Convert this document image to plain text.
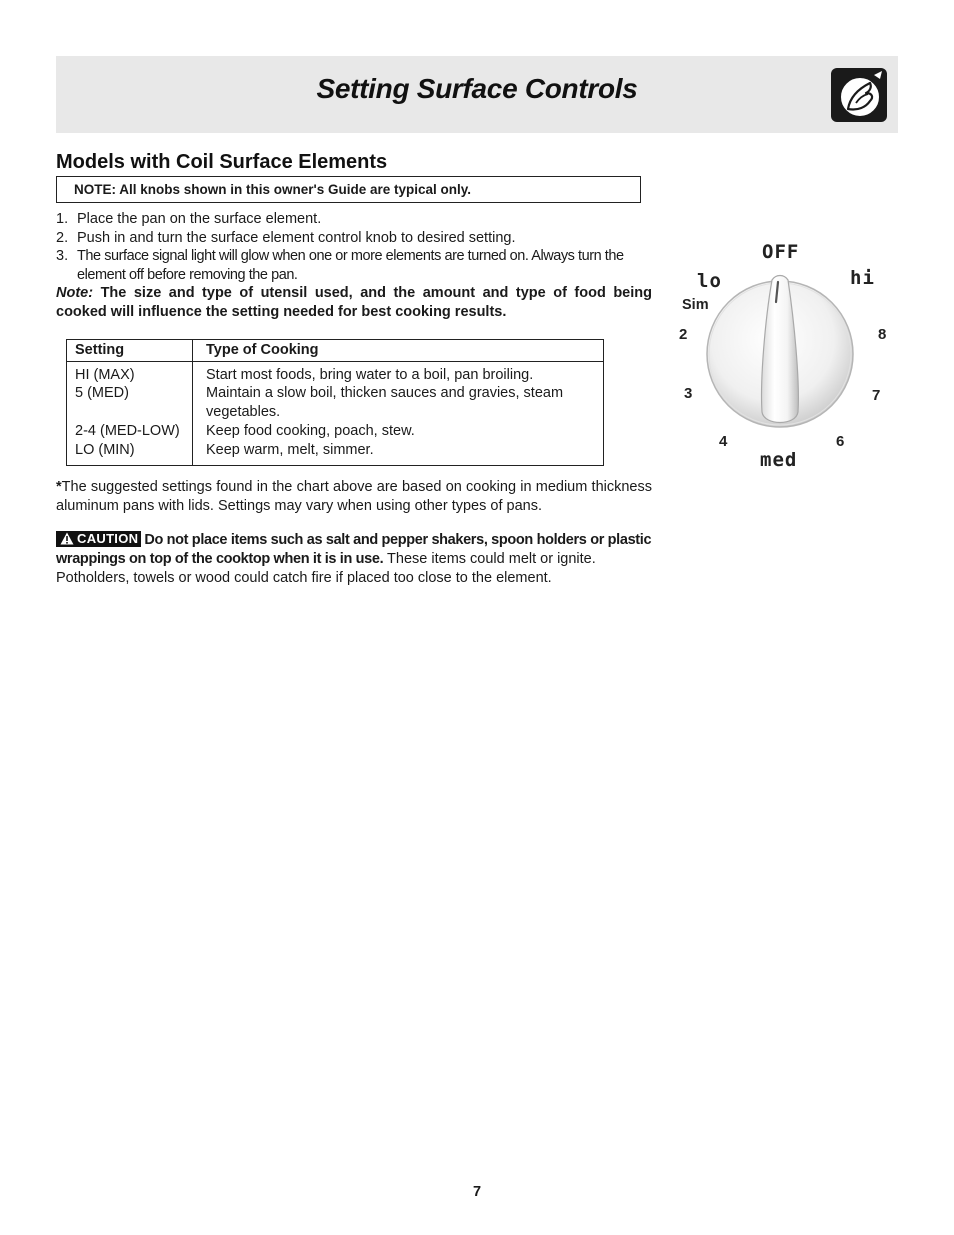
Setting Surface Controls
Models with Coil Surface Elements
NOTE: All knobs shown in this owner's Guide are typical only.
1. Place the pan on the surface element.
2. Push in and turn the surface element control knob to desired setting.
3. The surface signal light will glow when one or more elements are turned on. Always turn the element off before removing the pan.
Note: The size and type of utensil used, and the amount and type of food being cooked will influence the setting needed for best cooking results.
Setting	Type of Cooking
HI (MAX)	Start most foods, bring water to a boil, pan broiling.
5 (MED)	Maintain a slow boil, thicken sauces and gravies, steam vegetables.
2-4 (MED-LOW) Keep food cooking, poach, stew.
LO (MIN)	Keep warm, melt, simmer.
*The suggested settings found in the chart above are based on cooking in medium thickness aluminum pans with lids. Settings may vary when using other types of pans.
CAUTION Do not place items such as salt and pepper shakers, spoon holders or plastic wrappings on top of the cooktop when it is in use. These items could melt or ignite. Potholders, towels or wood could catch fire if placed too close to the element.
OFF
lo	hi
Sim
2	8
3	7
4	6
med
7
